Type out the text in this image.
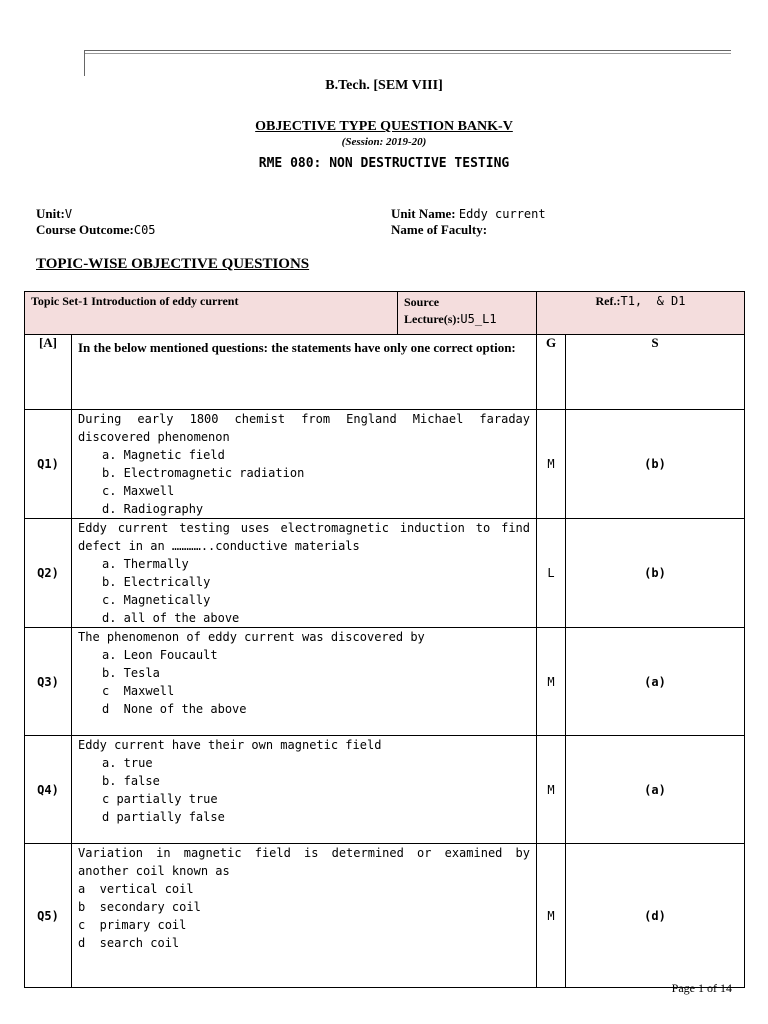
B.Tech. [SEM VIII]
OBJECTIVE TYPE QUESTION BANK-V
(Session: 2019-20)
RME 080: NON DESTRUCTIVE TESTING
Unit:V
Course Outcome:C05
Unit Name: Eddy current
Name of Faculty:
TOPIC-WISE OBJECTIVE QUESTIONS
Topic Set-1 Introduction of eddy current		Source Lecture(s):U5_L1	Ref.:T1,  & D1	
[A]	In the below mentioned questions: the statements have only one correct option:		G	S
Q1)	During early 1800 chemist from England Michael faraday discovered phenomenon
a. Magnetic field
b. Electromagnetic radiation
c. Maxwell
d. Radiography		M	(b)
Q2)	Eddy current testing uses electromagnetic induction to find defect in an …………..conductive materials
a. Thermally
b. Electrically
c. Magnetically
d. all of the above		L	(b)
Q3)	The phenomenon of eddy current was discovered by
a. Leon Foucault
b. Tesla
c  Maxwell
d  None of the above		M	(a)
Q4)	Eddy current have their own magnetic field
a. true
b. false
c partially true
d partially false		M	(a)
Q5)	Variation in magnetic field is determined or examined by another coil known as
a  vertical coil
b  secondary coil
c  primary coil
d  search coil		M	(d)
Page 1 of 14
